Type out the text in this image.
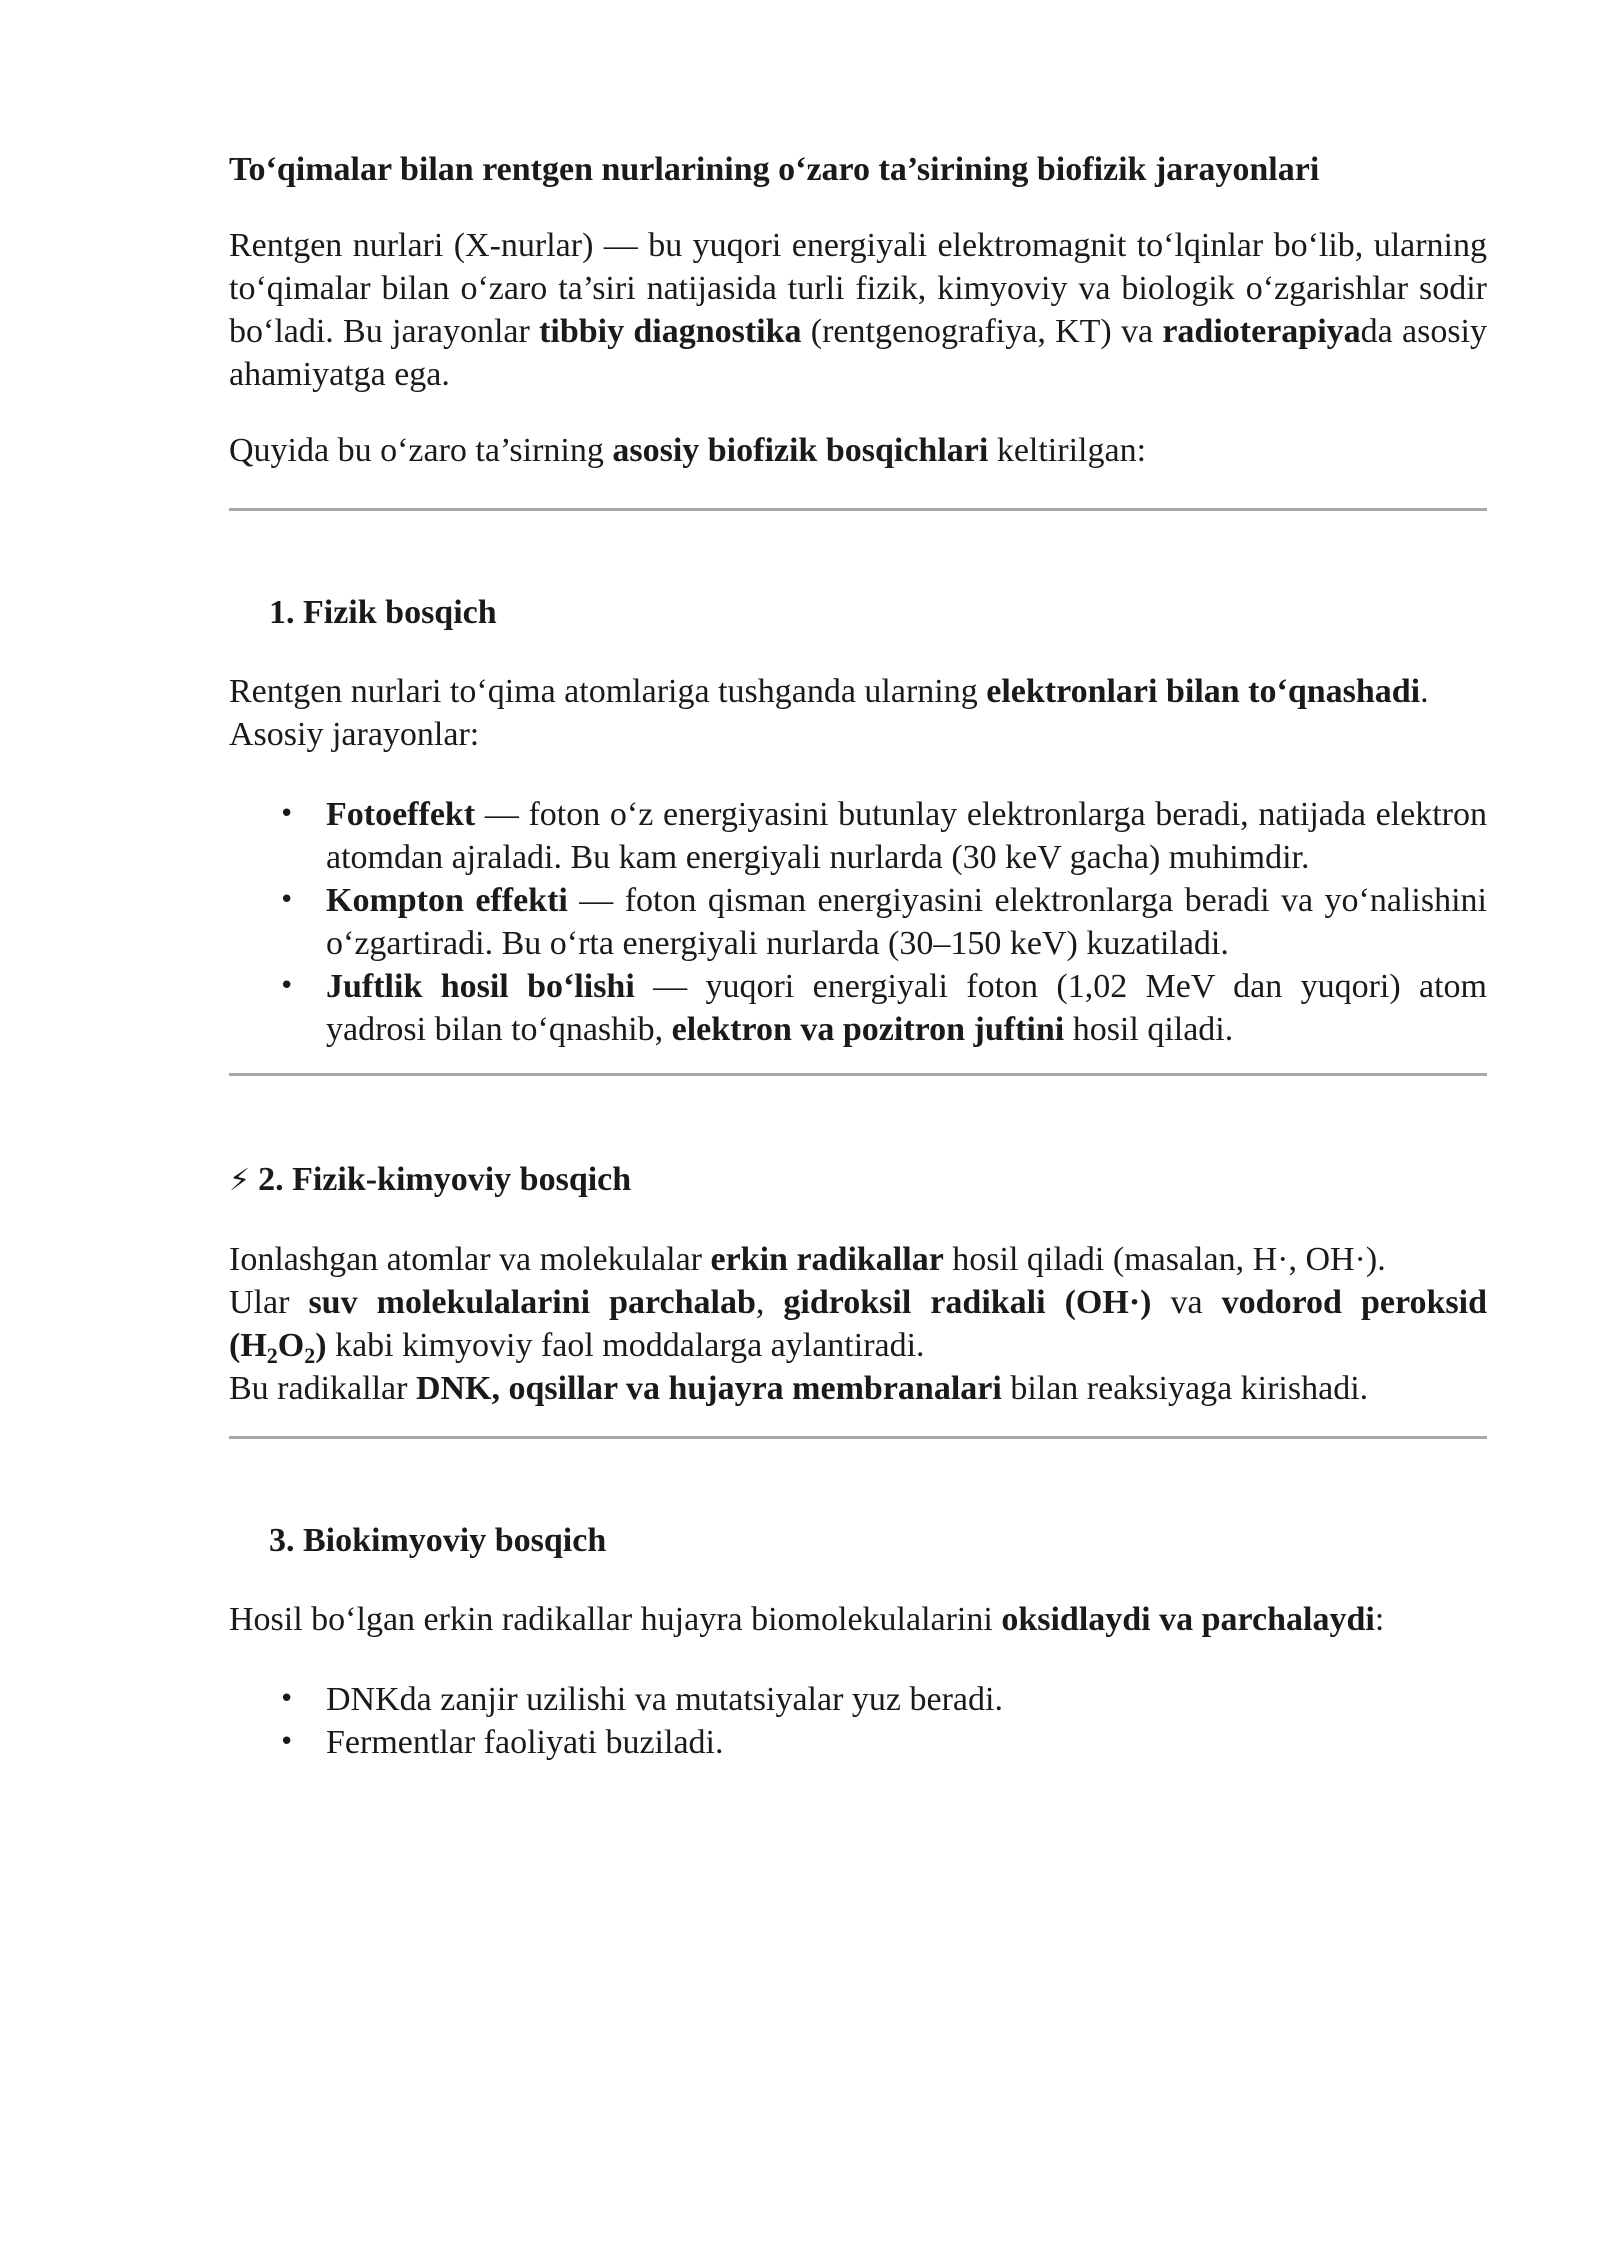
To‘qimalar bilan rentgen nurlarining o‘zaro ta’sirining biofizik jarayonlari

Rentgen nurlari (X-nurlar) — bu yuqori energiyali elektromagnit to‘lqinlar bo‘lib, ularning to‘qimalar bilan o‘zaro ta’siri natijasida turli fizik, kimyoviy va biologik o‘zgarishlar sodir bo‘ladi. Bu jarayonlar tibbiy diagnostika (rentgenografiya, KT) va radioterapiyada asosiy ahamiyatga ega.

Quyida bu o‘zaro ta’sirning asosiy biofizik bosqichlari keltirilgan:

1. Fizik bosqich

Rentgen nurlari to‘qima atomlariga tushganda ularning elektronlari bilan to‘qnashadi.

Asosiy jarayonlar:

• Fotoeffekt — foton o‘z energiyasini butunlay elektronlarga beradi, natijada elektron atomdan ajraladi. Bu kam energiyali nurlarda (30 keV gacha) muhimdir.
• Kompton effekti — foton qisman energiyasini elektronlarga beradi va yo‘nalishini o‘zgartiradi. Bu o‘rta energiyali nurlarda (30–150 keV) kuzatiladi.
• Juftlik hosil bo‘lishi — yuqori energiyali foton (1,02 MeV dan yuqori) atom yadrosi bilan to‘qnashib, elektron va pozitron juftini hosil qiladi.
⚡ 2. Fizik-kimyoviy bosqich

Ionlashgan atomlar va molekulalar erkin radikallar hosil qiladi (masalan, H·, OH·).

Ular suv molekulalarini parchalab, gidroksil radikali (OH·) va vodorod peroksid $(H_2O_2)$ kabi kimyoviy faol moddalarga aylantiradi.

Bu radikallar DNK, oqsillar va hujayra membranalari bilan reaksiyaga kirishadi.

3. Biokimyoviy bosqich

Hosil bo‘lgan erkin radikallar hujayra biomolekulalarini oksidlaydi va parchalaydi:

• DNKda zanjir uzilishi va mutatsiyalar yuz beradi.
• Fermentlar faoliyati buziladi.
